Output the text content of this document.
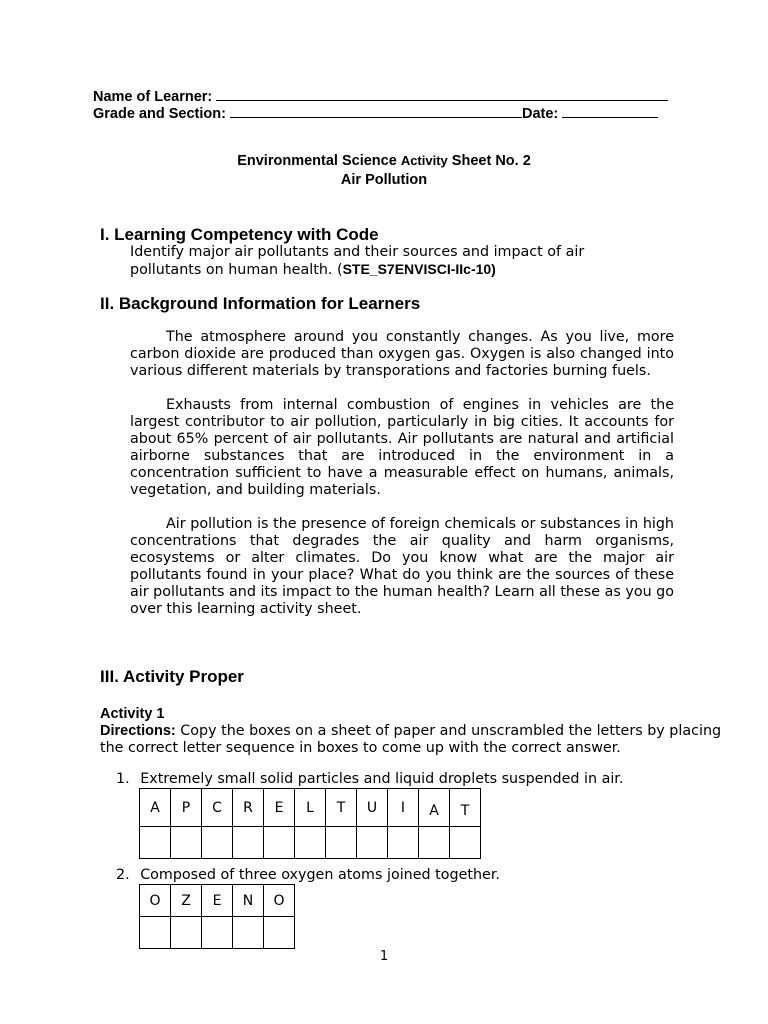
Name of Learner:
Grade and Section:	Date:
Environmental Science Activity Sheet No. 2
Air Pollution
I. Learning Competency with Code
Identify major air pollutants and their sources and impact of air
pollutants on human health. (STE_S7ENVISCI-IIc-10)
II. Background Information for Learners

The atmosphere around you constantly changes. As you live, more carbon dioxide are produced than oxygen gas. Oxygen is also changed into various different materials by transporations and factories burning fuels.

Exhausts from internal combustion of engines in vehicles are the largest contributor to air pollution, particularly in big cities. It accounts for about 65% percent of air pollutants. Air pollutants are natural and artificial airborne substances that are introduced in the environment in a concentration sufficient to have a measurable effect on humans, animals, vegetation, and building materials.

Air pollution is the presence of foreign chemicals or substances in high concentrations that degrades the air quality and harm organisms, ecosystems or alter climates. Do you know what are the major air pollutants found in your place? What do you think are the sources of these air pollutants and its impact to the human health? Learn all these as you go over this learning activity sheet.

III. Activity Proper
Activity 1
Directions: Copy the boxes on a sheet of paper and unscrambled the letters by placing the correct letter sequence in boxes to come up with the correct answer.
1. Extremely small solid particles and liquid droplets suspended in air.
A	P	C	R	E	L	T	U	I	A	T

2. Composed of three oxygen atoms joined together.
O	Z	E	N	O

1
